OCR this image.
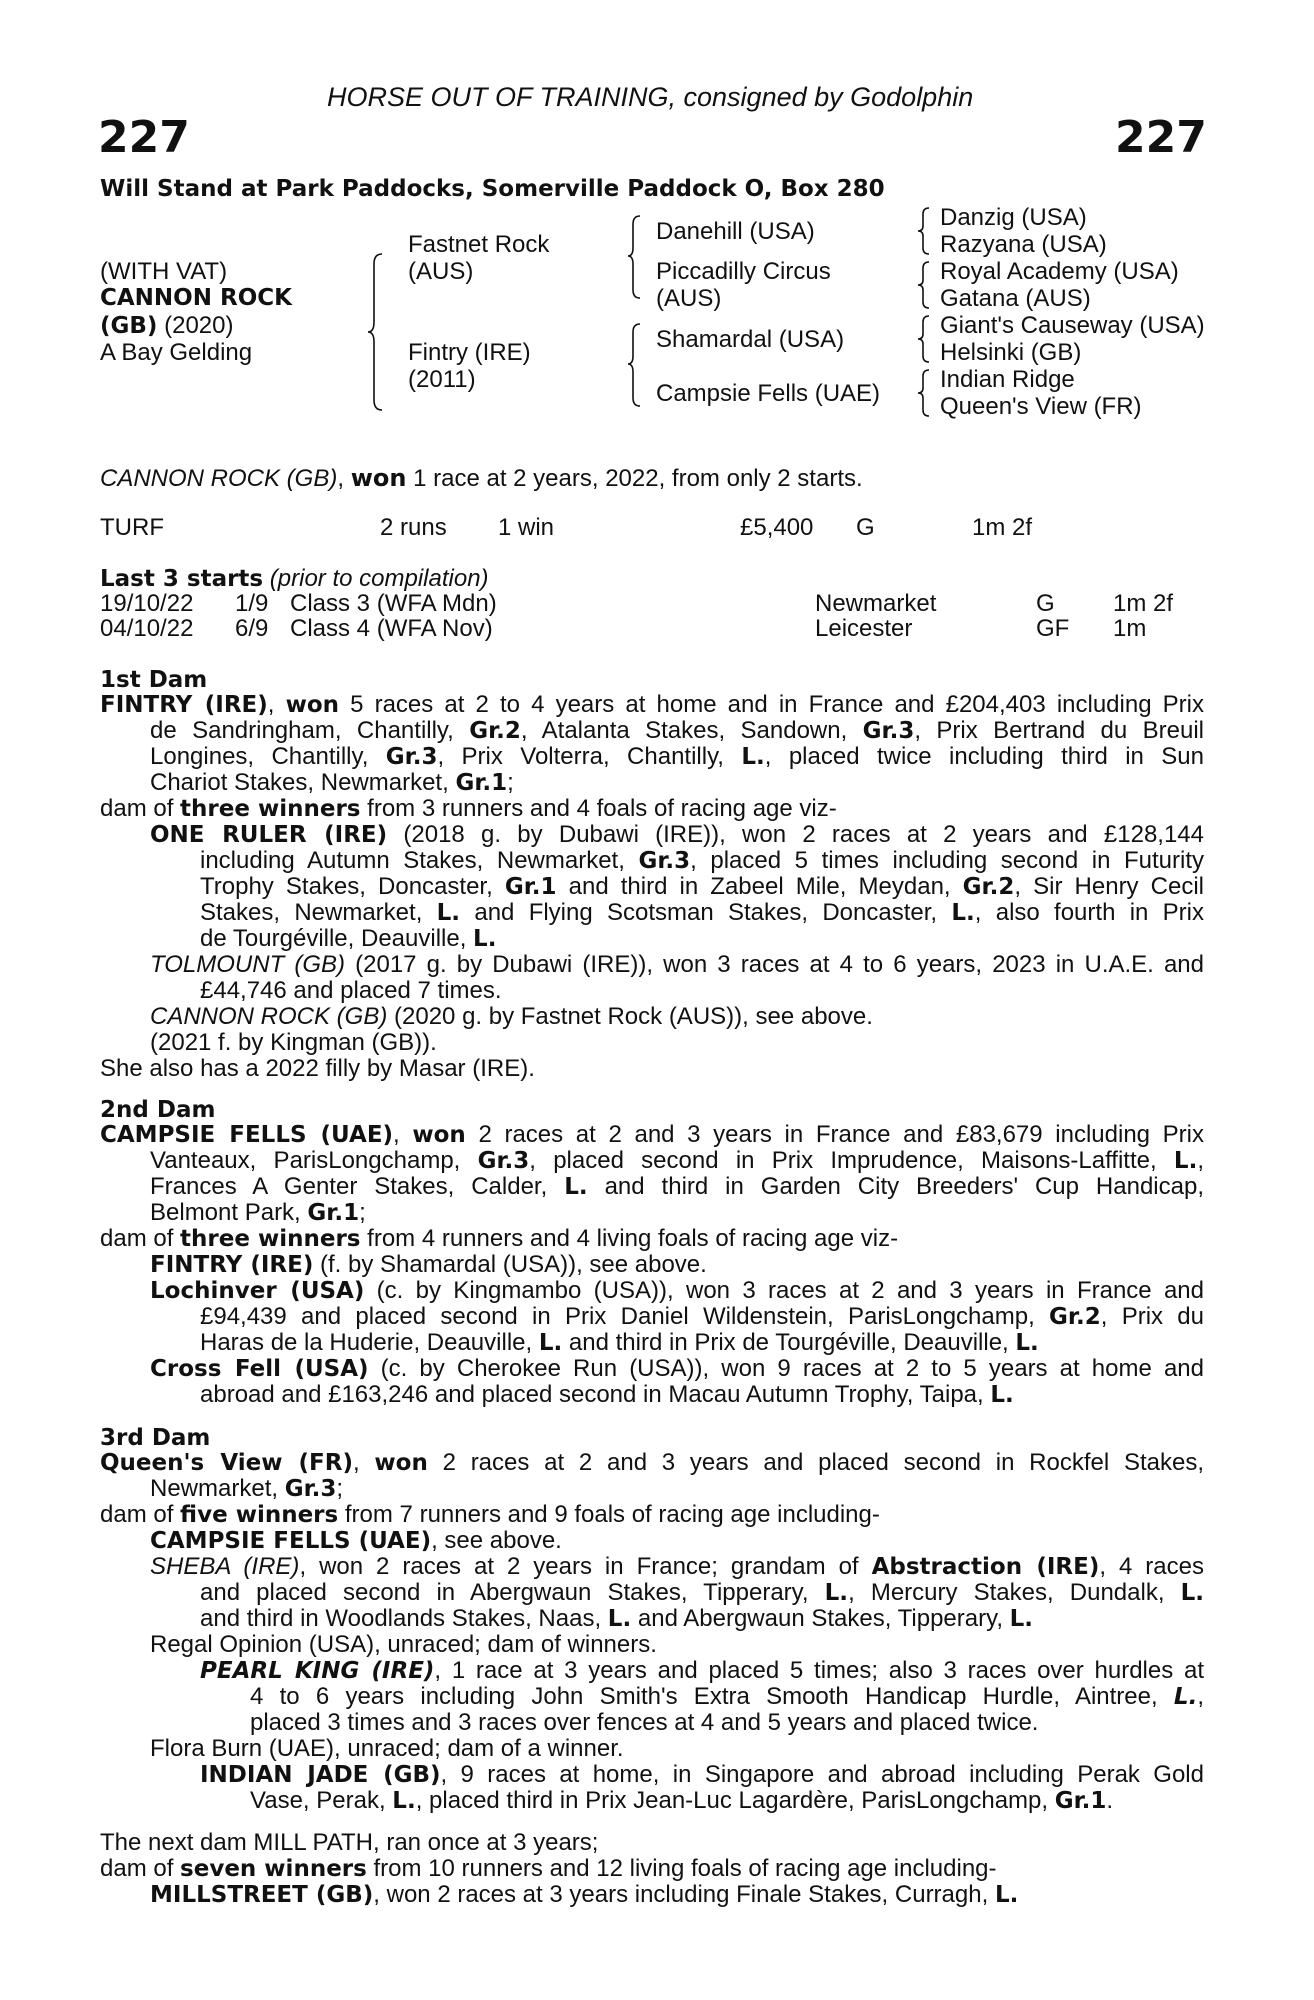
HORSE OUT OF TRAINING, consigned by Godolphin
227	227
Will Stand at Park Paddocks, Somerville Paddock O, Box 280
(WITH VAT)
CANNON ROCK
(GB) (2020)
A Bay Gelding
Fastnet Rock
(AUS)
Fintry (IRE)
(2011)
Danehill (USA)
Piccadilly Circus
(AUS)
Shamardal (USA)
Campsie Fells (UAE)
Danzig (USA)
Razyana (USA)
Royal Academy (USA)
Gatana (AUS)
Giant's Causeway (USA)
Helsinki (GB)
Indian Ridge
Queen's View (FR)
CANNON ROCK (GB), won 1 race at 2 years, 2022, from only 2 starts.
TURF	2 runs 1 win	£5,400 G	1m 2f
Last 3 starts (prior to compilation)
19/10/22 1/9 Class 3 (WFA Mdn)	Newmarket	G 1m 2f
04/10/22 6/9 Class 4 (WFA Nov)	Leicester	GF 1m
1st Dam
FINTRY (IRE), won 5 races at 2 to 4 years at home and in France and £204,403 including Prix
de Sandringham, Chantilly, Gr.2, Atalanta Stakes, Sandown, Gr.3, Prix Bertrand du Breuil
Longines, Chantilly, Gr.3, Prix Volterra, Chantilly, L., placed twice including third in Sun
Chariot Stakes, Newmarket, Gr.1;
dam of three winners from 3 runners and 4 foals of racing age viz-
ONE RULER (IRE) (2018 g. by Dubawi (IRE)), won 2 races at 2 years and £128,144
including Autumn Stakes, Newmarket, Gr.3, placed 5 times including second in Futurity
Trophy Stakes, Doncaster, Gr.1 and third in Zabeel Mile, Meydan, Gr.2, Sir Henry Cecil
Stakes, Newmarket, L. and Flying Scotsman Stakes, Doncaster, L., also fourth in Prix
de Tourgéville, Deauville, L.
TOLMOUNT (GB) (2017 g. by Dubawi (IRE)), won 3 races at 4 to 6 years, 2023 in U.A.E. and
£44,746 and placed 7 times.
CANNON ROCK (GB) (2020 g. by Fastnet Rock (AUS)), see above.
(2021 f. by Kingman (GB)).
She also has a 2022 filly by Masar (IRE).
2nd Dam
CAMPSIE FELLS (UAE), won 2 races at 2 and 3 years in France and £83,679 including Prix
Vanteaux, ParisLongchamp, Gr.3, placed second in Prix Imprudence, Maisons-Laffitte, L.,
Frances A Genter Stakes, Calder, L. and third in Garden City Breeders' Cup Handicap,
Belmont Park, Gr.1;
dam of three winners from 4 runners and 4 living foals of racing age viz-
FINTRY (IRE) (f. by Shamardal (USA)), see above.
Lochinver (USA) (c. by Kingmambo (USA)), won 3 races at 2 and 3 years in France and
£94,439 and placed second in Prix Daniel Wildenstein, ParisLongchamp, Gr.2, Prix du
Haras de la Huderie, Deauville, L. and third in Prix de Tourgéville, Deauville, L.
Cross Fell (USA) (c. by Cherokee Run (USA)), won 9 races at 2 to 5 years at home and
abroad and £163,246 and placed second in Macau Autumn Trophy, Taipa, L.
3rd Dam
Queen's View (FR), won 2 races at 2 and 3 years and placed second in Rockfel Stakes,
Newmarket, Gr.3;
dam of five winners from 7 runners and 9 foals of racing age including-
CAMPSIE FELLS (UAE), see above.
SHEBA (IRE), won 2 races at 2 years in France; grandam of Abstraction (IRE), 4 races
and placed second in Abergwaun Stakes, Tipperary, L., Mercury Stakes, Dundalk, L.
and third in Woodlands Stakes, Naas, L. and Abergwaun Stakes, Tipperary, L.
Regal Opinion (USA), unraced; dam of winners.
PEARL KING (IRE), 1 race at 3 years and placed 5 times; also 3 races over hurdles at
4 to 6 years including John Smith's Extra Smooth Handicap Hurdle, Aintree, L.,
placed 3 times and 3 races over fences at 4 and 5 years and placed twice.
Flora Burn (UAE), unraced; dam of a winner.
INDIAN JADE (GB), 9 races at home, in Singapore and abroad including Perak Gold
Vase, Perak, L., placed third in Prix Jean-Luc Lagardère, ParisLongchamp, Gr.1.
The next dam MILL PATH, ran once at 3 years;
dam of seven winners from 10 runners and 12 living foals of racing age including-
MILLSTREET (GB), won 2 races at 3 years including Finale Stakes, Curragh, L.
